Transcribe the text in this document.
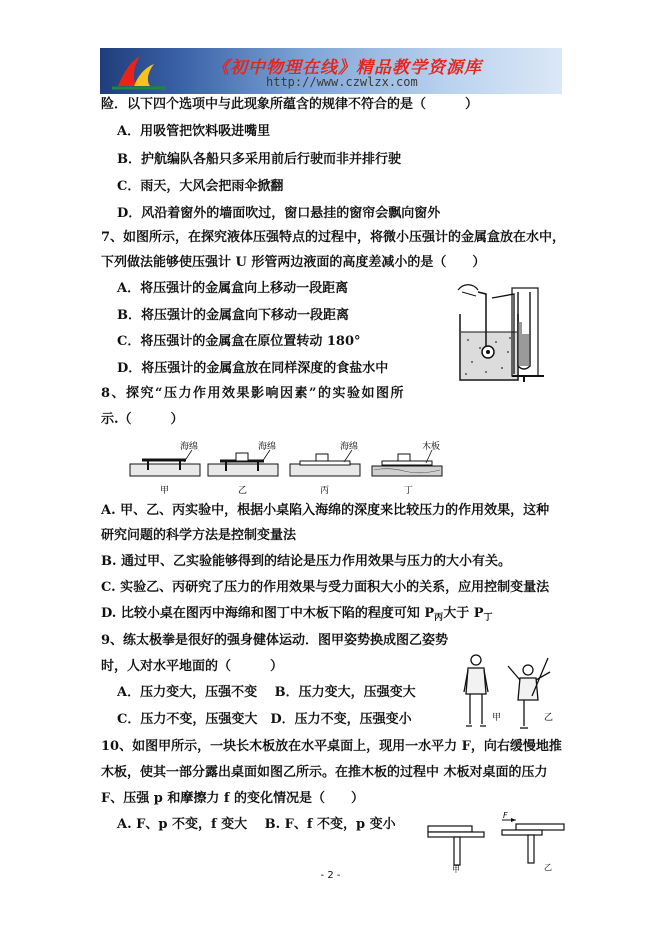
《初中物理在线》精品教学资源库
http://www.czwlzx.com
险．以下四个选项中与此现象所蕴含的规律不符合的是（　　　）
A．用吸管把饮料吸进嘴里
B．护航编队各船只多采用前后行驶而非并排行驶
C．雨天，大风会把雨伞掀翻
D．风沿着窗外的墙面吹过，窗口悬挂的窗帘会飘向窗外
7、如图所示，在探究液体压强特点的过程中，将微小压强计的金属盒放在水中，
下列做法能够使压强计 U 形管两边液面的高度差减小的是（　　）
A．将压强计的金属盒向上移动一段距离
B．将压强计的金属盒向下移动一段距离
C．将压强计的金属盒在原位置转动 180°
D．将压强计的金属盒放在同样深度的食盐水中
8、探究“压力作用效果影响因素”的实验如图所
示.（　　　）
A. 甲、乙、丙实验中，根据小桌陷入海绵的深度来比较压力的作用效果，这种
研究问题的科学方法是控制变量法
B. 通过甲、乙实验能够得到的结论是压力作用效果与压力的大小有关。
C. 实验乙、丙研究了压力的作用效果与受力面积大小的关系，应用控制变量法
D. 比较小桌在图丙中海绵和图丁中木板下陷的程度可知 $P_丙$大于 $P_丁$
9、练太极拳是很好的强身健体运动．图甲姿势换成图乙姿势
时，人对水平地面的（　　　）
A．压力变大，压强不变　 B．压力变大，压强变大
C．压力不变，压强变大　D．压力不变，压强变小
10、如图甲所示，一块长木板放在水平桌面上，现用一水平力 F，向右缓慢地推
木板，使其一部分露出桌面如图乙所示。在推木板的过程中 木板对桌面的压力
F、压强 p 和摩擦力 f 的变化情况是（　　）
A. F、p 不变，f 变大　 B. F、f 不变，p 变小
海绵
甲
海绵
乙
海绵
丙
木板
丁
甲	乙
甲
F
乙
- 2 -
